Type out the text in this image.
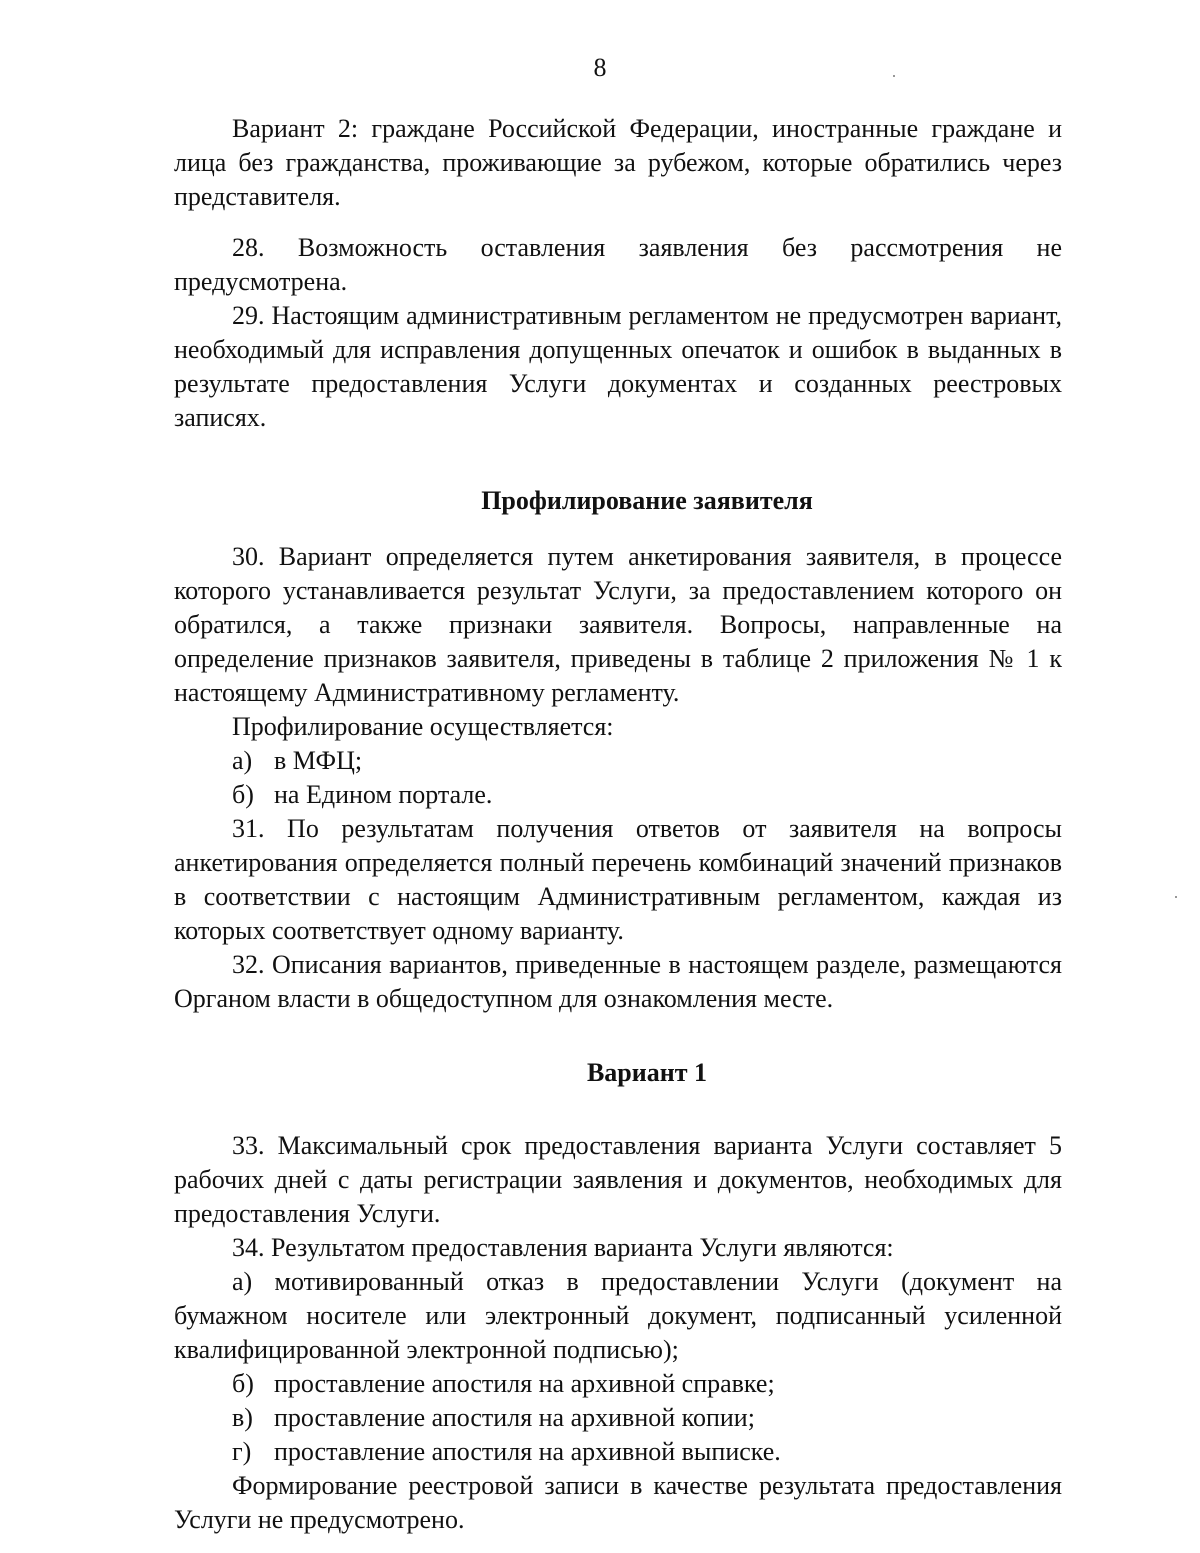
8
Вариант 2: граждане Российской Федерации, иностранные граждане и лица без гражданства, проживающие за рубежом, которые обратились через представителя.
28. Возможность оставления заявления без рассмотрения не предусмотрена.
29. Настоящим административным регламентом не предусмотрен вариант, необходимый для исправления допущенных опечаток и ошибок в выданных в результате предоставления Услуги документах и созданных реестровых записях.
Профилирование заявителя
30. Вариант определяется путем анкетирования заявителя, в процессе которого устанавливается результат Услуги, за предоставлением которого он обратился, а также признаки заявителя. Вопросы, направленные на определение признаков заявителя, приведены в таблице 2 приложения № 1 к настоящему Административному регламенту.
Профилирование осуществляется:
а) в МФЦ;
б) на Едином портале.
31. По результатам получения ответов от заявителя на вопросы анкетирования определяется полный перечень комбинаций значений признаков в соответствии с настоящим Административным регламентом, каждая из которых соответствует одному варианту.
32. Описания вариантов, приведенные в настоящем разделе, размещаются Органом власти в общедоступном для ознакомления месте.
Вариант 1
33. Максимальный срок предоставления варианта Услуги составляет 5 рабочих дней с даты регистрации заявления и документов, необходимых для предоставления Услуги.
34. Результатом предоставления варианта Услуги являются:
а) мотивированный отказ в предоставлении Услуги (документ на бумажном носителе или электронный документ, подписанный усиленной квалифицированной электронной подписью);
б) проставление апостиля на архивной справке;
в) проставление апостиля на архивной копии;
г) проставление апостиля на архивной выписке.
Формирование реестровой записи в качестве результата предоставления Услуги не предусмотрено.
